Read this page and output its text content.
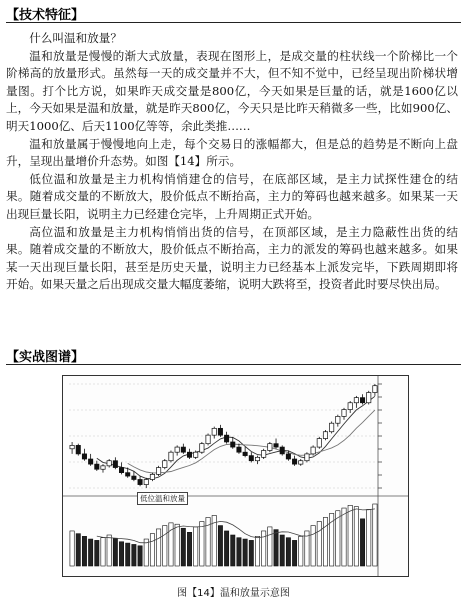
【技术特征】

什么叫温和放量？

温和放量是慢慢的渐大式放量，表现在图形上，是成交量的柱状线一个阶梯比一个阶梯高的放量形式。虽然每一天的成交量并不大，但不知不觉中，已经呈现出阶梯状增量图。打个比方说，如果昨天成交量是800亿，今天如果是巨量的话，就是1600亿以上，今天如果是温和放量，就是昨天800亿，今天只是比昨天稍微多一些，比如900亿、明天1000亿、后天1100亿等等，余此类推……

温和放量属于慢慢地向上走，每个交易日的涨幅都大，但是总的趋势是不断向上盘升，呈现出量增价升态势。如图【14】所示。

低位温和放量是主力机构悄悄建仓的信号，在底部区域，是主力试探性建仓的结果。随着成交量的不断放大，股价低点不断抬高，主力的筹码也越来越多。如果某一天出现巨量长阳，说明主力已经建仓完毕，上升周期正式开始。

高位温和放量是主力机构悄悄出货的信号，在顶部区域，是主力隐蔽性出货的结果。随着成交量的不断放大，股价低点不断抬高，主力的派发的筹码也越来越多。如果某一天出现巨量长阳，甚至是历史天量，说明主力已经基本上派发完毕，下跌周期即将开始。如果天量之后出现成交量大幅度萎缩，说明大跌将至，投资者此时要尽快出局。

【实战图谱】
低位温和放量
图【14】温和放量示意图
